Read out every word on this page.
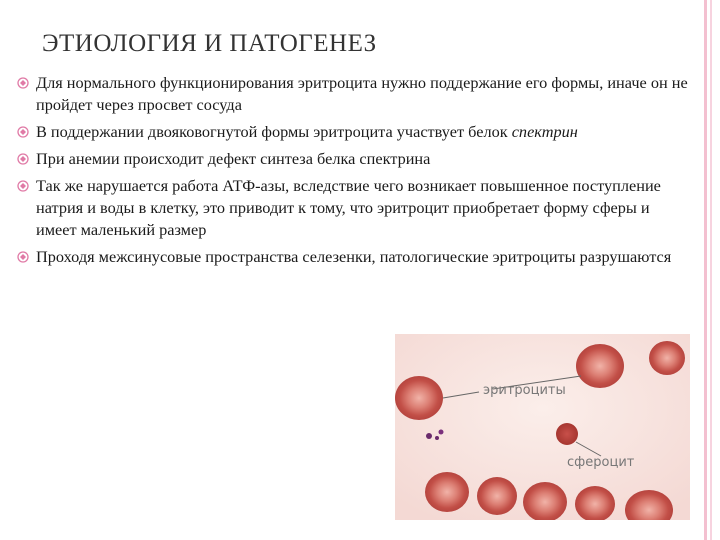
ЭТИОЛОГИЯ И ПАТОГЕНЕЗ
Для нормального функционирования эритроцита нужно поддержание его формы, иначе он не пройдет через просвет сосуда
В поддержании двояковогнутой формы эритроцита участвует белок спектрин
При анемии происходит дефект синтеза белка спектрина
Так же нарушается работа АТФ-азы, вследствие чего возникает повышенное поступление натрия и воды в клетку, это приводит к тому, что эритроцит приобретает форму сферы и имеет маленький размер
Проходя межсинусовые пространства селезенки, патологические эритроциты разрушаются
эритроциты
сфероцит
